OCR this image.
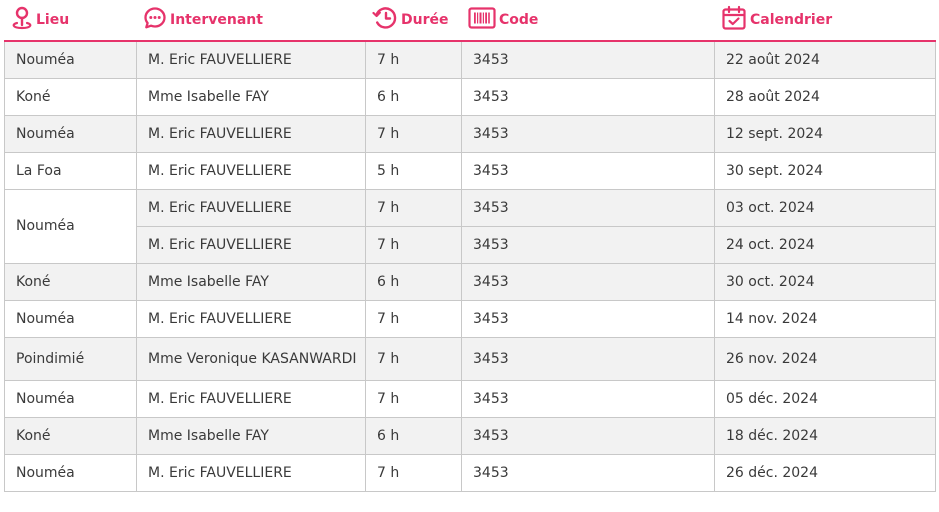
Lieu	Intervenant	Durée	Code	Calendrier
Nouméa	M. Eric FAUVELLIERE	7 h	3453	22 août 2024
Koné	Mme Isabelle FAY	6 h	3453	28 août 2024
Nouméa	M. Eric FAUVELLIERE	7 h	3453	12 sept. 2024
La Foa	M. Eric FAUVELLIERE	5 h	3453	30 sept. 2024
Nouméa	M. Eric FAUVELLIERE	7 h	3453	03 oct. 2024
	M. Eric FAUVELLIERE	7 h	3453	24 oct. 2024
Koné	Mme Isabelle FAY	6 h	3453	30 oct. 2024
Nouméa	M. Eric FAUVELLIERE	7 h	3453	14 nov. 2024
Poindimié	Mme Veronique KASANWARDI	7 h	3453	26 nov. 2024
Nouméa	M. Eric FAUVELLIERE	7 h	3453	05 déc. 2024
Koné	Mme Isabelle FAY	6 h	3453	18 déc. 2024
Nouméa	M. Eric FAUVELLIERE	7 h	3453	26 déc. 2024
